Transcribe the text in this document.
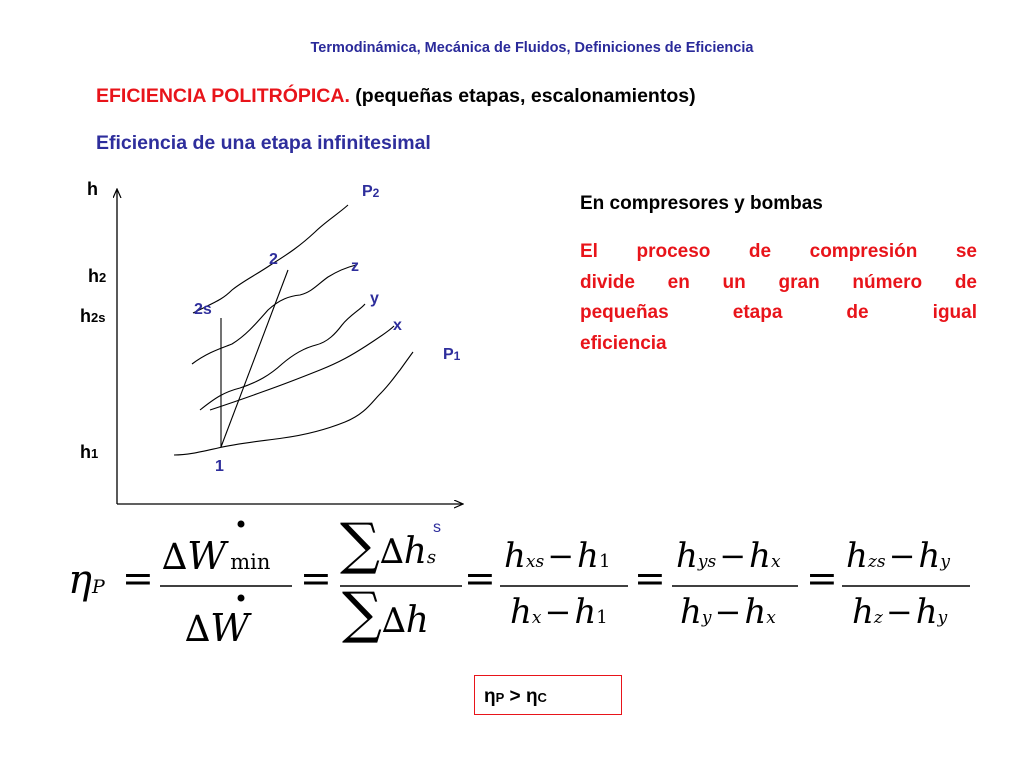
Termodinámica, Mecánica de Fluidos, Definiciones de Eficiencia
EFICIENCIA POLITRÓPICA. (pequeñas etapas, escalonamientos)
Eficiencia de una etapa infinitesimal
h
s
h2
h2s
h1
P2
P1
2
2s
1
z
y
x
En compresores y bombas
El proceso de compresión se
divide en un gran número de
pequeñas etapa de igual
eficiencia
ηP = ∆W min
∆W
=
∑∆hs
∑∆h
= hxs−h1
hx−h1
= hys−hx
hy−hx
= hzs−hy
hz−hy
ηP > ηC
